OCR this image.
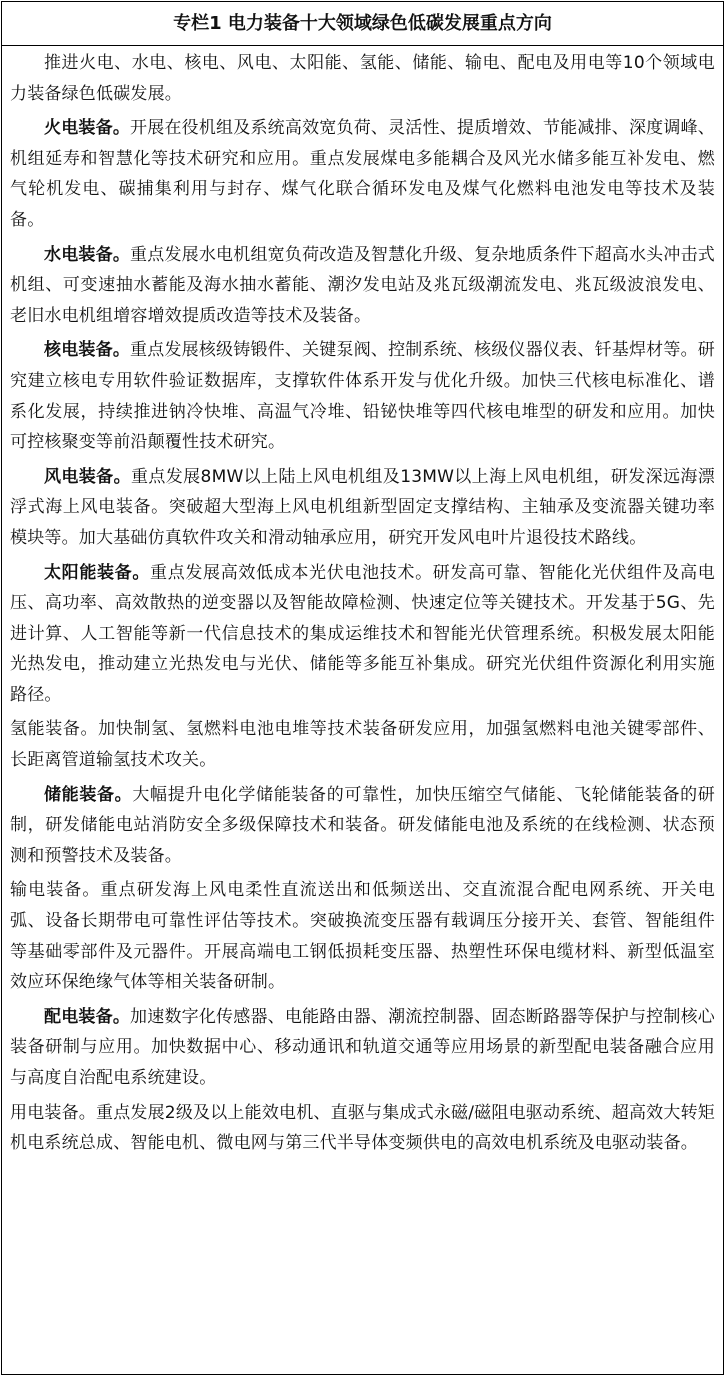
专栏1 电力装备十大领域绿色低碳发展重点方向

推进火电、水电、核电、风电、太阳能、氢能、储能、输电、配电及用电等10个领域电力装备绿色低碳发展。

火电装备。开展在役机组及系统高效宽负荷、灵活性、提质增效、节能减排、深度调峰、机组延寿和智慧化等技术研究和应用。重点发展煤电多能耦合及风光水储多能互补发电、燃气轮机发电、碳捕集利用与封存、煤气化联合循环发电及煤气化燃料电池发电等技术及装备。

水电装备。重点发展水电机组宽负荷改造及智慧化升级、复杂地质条件下超高水头冲击式机组、可变速抽水蓄能及海水抽水蓄能、潮汐发电站及兆瓦级潮流发电、兆瓦级波浪发电、老旧水电机组增容增效提质改造等技术及装备。

核电装备。重点发展核级铸锻件、关键泵阀、控制系统、核级仪器仪表、钎基焊材等。研究建立核电专用软件验证数据库，支撑软件体系开发与优化升级。加快三代核电标准化、谱系化发展，持续推进钠冷快堆、高温气冷堆、铅铋快堆等四代核电堆型的研发和应用。加快可控核聚变等前沿颠覆性技术研究。

风电装备。重点发展8MW以上陆上风电机组及13MW以上海上风电机组，研发深远海漂浮式海上风电装备。突破超大型海上风电机组新型固定支撑结构、主轴承及变流器关键功率模块等。加大基础仿真软件攻关和滑动轴承应用，研究开发风电叶片退役技术路线。

太阳能装备。重点发展高效低成本光伏电池技术。研发高可靠、智能化光伏组件及高电压、高功率、高效散热的逆变器以及智能故障检测、快速定位等关键技术。开发基于5G、先进计算、人工智能等新一代信息技术的集成运维技术和智能光伏管理系统。积极发展太阳能光热发电，推动建立光热发电与光伏、储能等多能互补集成。研究光伏组件资源化利用实施路径。

氢能装备。加快制氢、氢燃料电池电堆等技术装备研发应用，加强氢燃料电池关键零部件、长距离管道输氢技术攻关。

储能装备。大幅提升电化学储能装备的可靠性，加快压缩空气储能、飞轮储能装备的研制，研发储能电站消防安全多级保障技术和装备。研发储能电池及系统的在线检测、状态预测和预警技术及装备。

输电装备。重点研发海上风电柔性直流送出和低频送出、交直流混合配电网系统、开关电弧、设备长期带电可靠性评估等技术。突破换流变压器有载调压分接开关、套管、智能组件等基础零部件及元器件。开展高端电工钢低损耗变压器、热塑性环保电缆材料、新型低温室效应环保绝缘气体等相关装备研制。

配电装备。加速数字化传感器、电能路由器、潮流控制器、固态断路器等保护与控制核心装备研制与应用。加快数据中心、移动通讯和轨道交通等应用场景的新型配电装备融合应用与高度自治配电系统建设。

用电装备。重点发展2级及以上能效电机、直驱与集成式永磁/磁阻电驱动系统、超高效大转矩机电系统总成、智能电机、微电网与第三代半导体变频供电的高效电机系统及电驱动装备。
